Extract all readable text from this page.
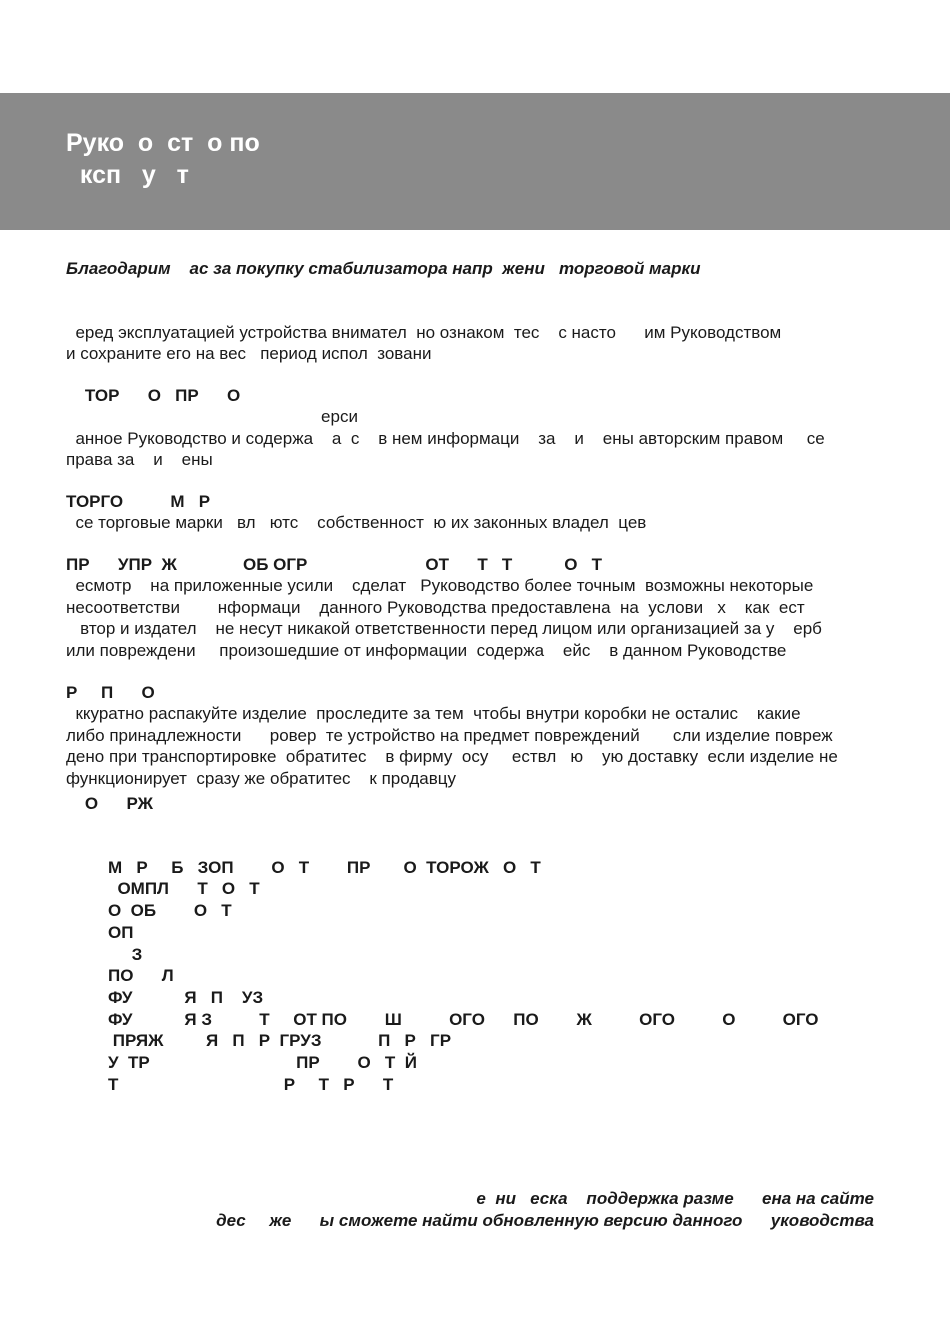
Руко  о  ст  о по
ксп   у   т
Благодарим    ас за покупку стабилизатора напр  жени   торговой марки

еред эксплуатацией устройства внимател  но ознаком  тес    с насто      им Руководством
и сохраните его на вес   период испол  зовани

ТОР      О   ПР      О
ерси
анное Руководство и содержа    а  с    в нем информаци    за    и    ены авторским правом     се
права за    и    ены

ТОРГО          М   Р
се торговые марки   вл   ютс    собственност  ю их законных владел  цев

ПР      УПР  Ж              ОБ ОГР                         ОТ      Т   Т           О   Т
есмотр    на приложенные усили    сделат   Руководство более точным  возможны некоторые
несоответстви        нформаци    данного Руководства предоставлена  на  услови   х    как  ест
втор и издател    не несут никакой ответственности перед лицом или организацией за у    ерб
или повреждени     произошедшие от информации  содержа    ейс    в данном Руководстве

Р     П      О
ккуратно распакуйте изделие  проследите за тем  чтобы внутри коробки не осталис    какие
либо принадлежности      ровер  те устройство на предмет повреждений       сли изделие повреж
дено при транспортировке  обратитес    в фирму  осу     ествл   ю    ую доставку  если изделие не
функционирует  сразу же обратитес    к продавцу

О      РЖ

М   Р     Б   ЗОП        О   Т        ПР       О  ТОРОЖ   О   Т
ОМПЛ      Т   О   Т
О  ОБ        О   Т
ОП
З
ПО      Л
ФУ           Я   П    УЗ
ФУ           Я З          Т     ОТ ПО        Ш          ОГО      ПО        Ж          ОГО          О          ОГО
ПРЯЖ         Я   П   Р  ГРУЗ            П   Р   ГР
У  ТР                               ПР        О   Т  Й
Т                                   Р     Т   Р      Т

е  ни   еска    поддержка разме      ена на сайте
дес     же      ы сможете найти обновленную версию данного      уководства
